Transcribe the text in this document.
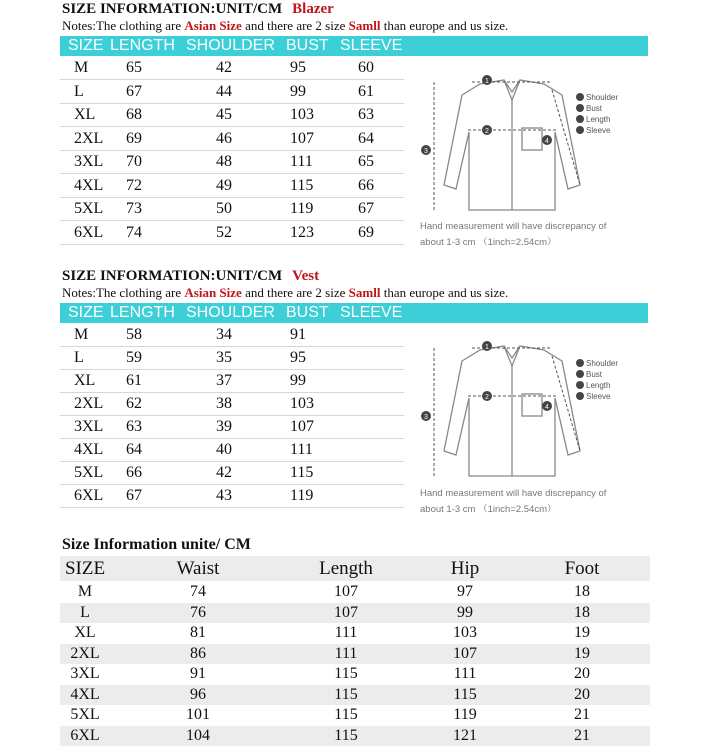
SIZE INFORMATION:UNIT/CM Blazer
Notes:The clothing are Asian Size and there are 2 size Samll than europe and us size.
SIZE LENGTH SHOULDER BUST SLEEVE
M 65	42	95	60
L	67	44	99	61
XL 68	45	103	63
2XL 69	46	107	64
3XL 70	48	111	65
4XL 72	49	115	66
5XL 73	50	119	67
6XL 74	52	123	69
1
2
3
4
Shoulder
Bust
Length
Sleeve
Hand measurement will have discrepancy of
about 1-3 cm （1inch=2.54cm）
SIZE INFORMATION:UNIT/CM Vest
Notes:The clothing are Asian Size and there are 2 size Samll than europe and us size.
SIZE LENGTH SHOULDER BUST SLEEVE
M 58	34	91
L	59	35	95
XL 61	37	99
2XL 62	38	103
3XL 63	39	107
4XL 64	40	111
5XL 66	42	115
6XL 67	43	119
1
2
3
4
Shoulder
Bust
Length
Sleeve
Hand measurement will have discrepancy of
about 1-3 cm （1inch=2.54cm）
Size Information unite/ CM
SIZE	Waist	Length	Hip	Foot
M	74	107	97	18
L	76	107	99	18
XL	81	111	103	19
2XL	86	111	107	19
3XL	91	115	111	20
4XL	96	115	115	20
5XL	101	115	119	21
6XL	104	115	121	21
